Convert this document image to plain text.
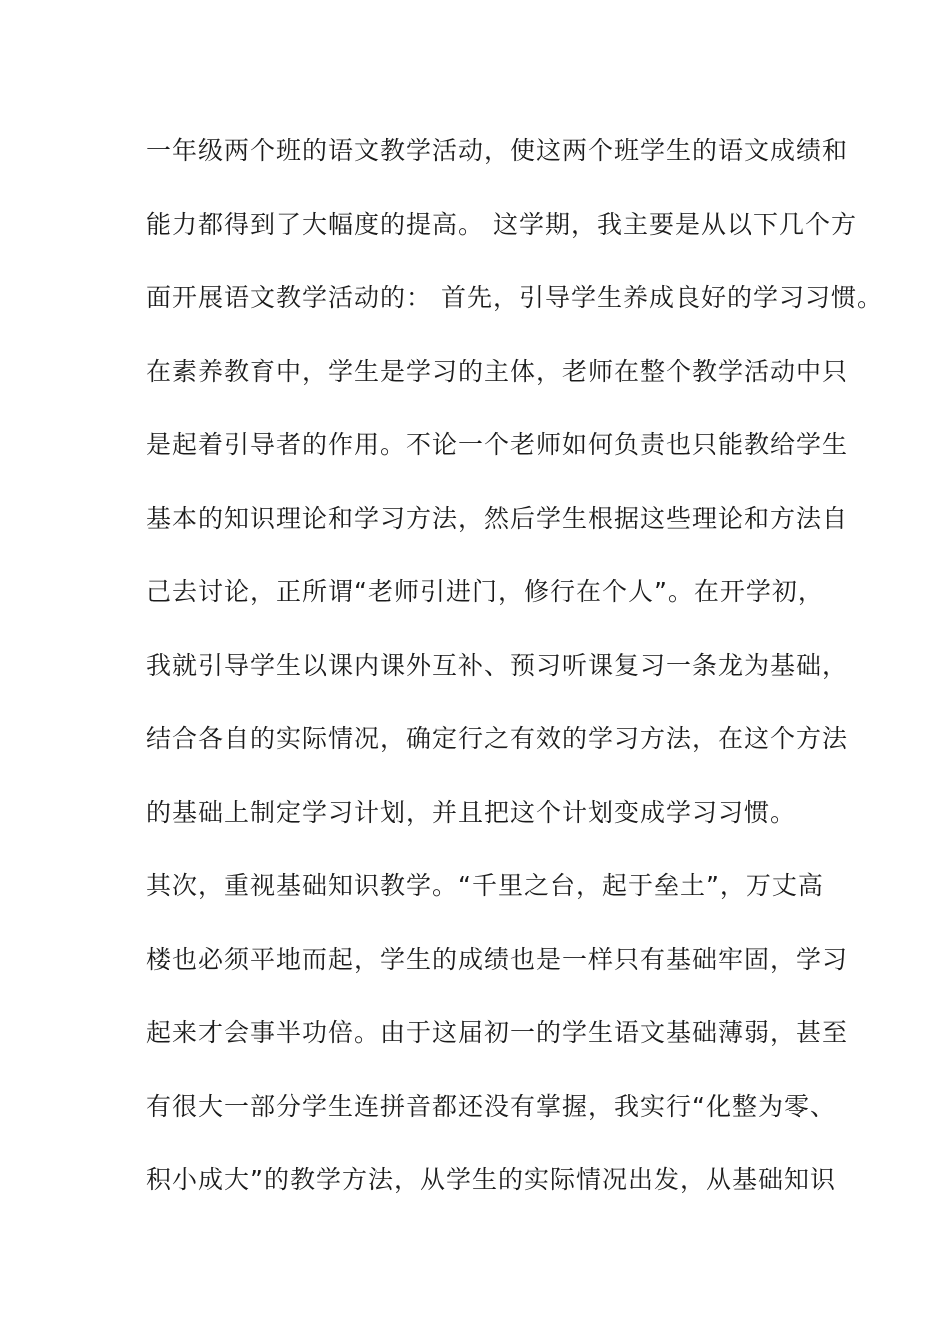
一年级两个班的语文教学活动，使这两个班学生的语文成绩和
能力都得到了大幅度的提高。 这学期，我主要是从以下几个方
面开展语文教学活动的： 首先，引导学生养成良好的学习习惯。
在素养教育中，学生是学习的主体，老师在整个教学活动中只
是起着引导者的作用。不论一个老师如何负责也只能教给学生
基本的知识理论和学习方法，然后学生根据这些理论和方法自
己去讨论，正所谓“老师引进门，修行在个人”。在开学初，
我就引导学生以课内课外互补、预习听课复习一条龙为基础，
结合各自的实际情况，确定行之有效的学习方法，在这个方法
的基础上制定学习计划，并且把这个计划变成学习习惯。
其次，重视基础知识教学。“千里之台，起于垒土”，万丈高
楼也必须平地而起，学生的成绩也是一样只有基础牢固，学习
起来才会事半功倍。由于这届初一的学生语文基础薄弱，甚至
有很大一部分学生连拼音都还没有掌握，我实行“化整为零、
积小成大”的教学方法，从学生的实际情况出发，从基础知识
